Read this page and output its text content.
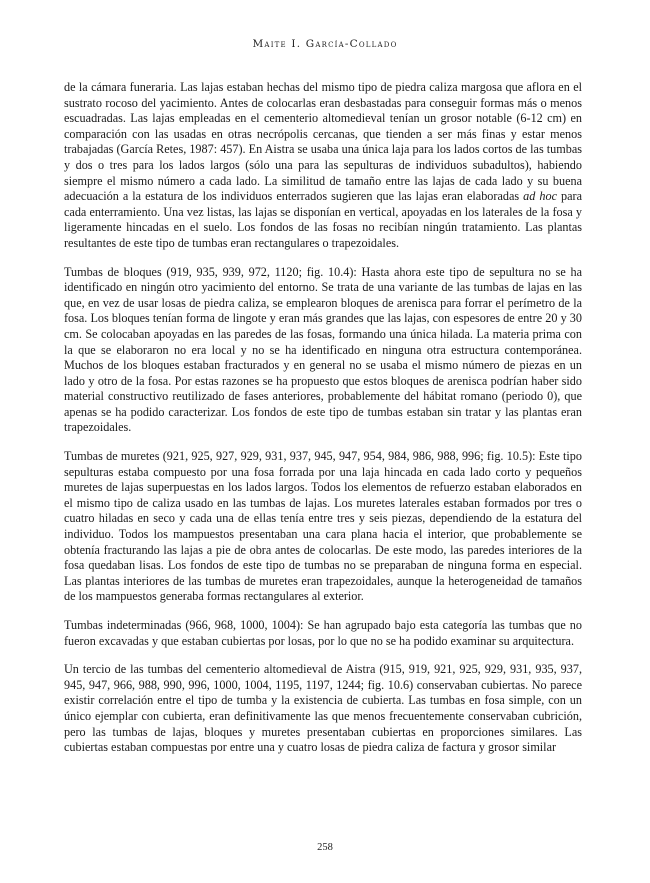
Maite I. García-Collado

de la cámara funeraria. Las lajas estaban hechas del mismo tipo de piedra caliza margosa que aflora en el sustrato rocoso del yacimiento. Antes de colocarlas eran desbastadas para conseguir formas más o menos escuadradas. Las lajas empleadas en el cementerio altomedieval tenían un grosor notable (6-12 cm) en comparación con las usadas en otras necrópolis cercanas, que tienden a ser más finas y estar menos trabajadas (García Retes, 1987: 457). En Aistra se usaba una única laja para los lados cortos de las tumbas y dos o tres para los lados largos (sólo una para las sepulturas de individuos subadultos), habiendo siempre el mismo número a cada lado. La similitud de tamaño entre las lajas de cada lado y su buena adecuación a la estatura de los individuos enterrados sugieren que las lajas eran elaboradas ad hoc para cada enterramiento. Una vez listas, las lajas se disponían en vertical, apoyadas en los laterales de la fosa y ligeramente hincadas en el suelo. Los fondos de las fosas no recibían ningún tratamiento. Las plantas resultantes de este tipo de tumbas eran rectangulares o trapezoidales.

Tumbas de bloques (919, 935, 939, 972, 1120; fig. 10.4): Hasta ahora este tipo de sepultura no se ha identificado en ningún otro yacimiento del entorno. Se trata de una variante de las tumbas de lajas en las que, en vez de usar losas de piedra caliza, se emplearon bloques de arenisca para forrar el perímetro de la fosa. Los bloques tenían forma de lingote y eran más grandes que las lajas, con espesores de entre 20 y 30 cm. Se colocaban apoyadas en las paredes de las fosas, formando una única hilada. La materia prima con la que se elaboraron no era local y no se ha identificado en ninguna otra estructura contemporánea. Muchos de los bloques estaban fracturados y en general no se usaba el mismo número de piezas en un lado y otro de la fosa. Por estas razones se ha propuesto que estos bloques de arenisca podrían haber sido material constructivo reutilizado de fases anteriores, probablemente del hábitat romano (periodo 0), que apenas se ha podido caracterizar. Los fondos de este tipo de tumbas estaban sin tratar y las plantas eran trapezoidales.

Tumbas de muretes (921, 925, 927, 929, 931, 937, 945, 947, 954, 984, 986, 988, 996; fig. 10.5): Este tipo sepulturas estaba compuesto por una fosa forrada por una laja hincada en cada lado corto y pequeños muretes de lajas superpuestas en los lados largos. Todos los elementos de refuerzo estaban elaborados en el mismo tipo de caliza usado en las tumbas de lajas. Los muretes laterales estaban formados por tres o cuatro hiladas en seco y cada una de ellas tenía entre tres y seis piezas, dependiendo de la estatura del individuo. Todos los mampuestos presentaban una cara plana hacia el interior, que probablemente se obtenía fracturando las lajas a pie de obra antes de colocarlas. De este modo, las paredes interiores de la fosa quedaban lisas. Los fondos de este tipo de tumbas no se preparaban de ninguna forma en especial. Las plantas interiores de las tumbas de muretes eran trapezoidales, aunque la heterogeneidad de tamaños de los mampuestos generaba formas rectangulares al exterior.

Tumbas indeterminadas (966, 968, 1000, 1004): Se han agrupado bajo esta categoría las tumbas que no fueron excavadas y que estaban cubiertas por losas, por lo que no se ha podido examinar su arquitectura.

Un tercio de las tumbas del cementerio altomedieval de Aistra (915, 919, 921, 925, 929, 931, 935, 937, 945, 947, 966, 988, 990, 996, 1000, 1004, 1195, 1197, 1244; fig. 10.6) conservaban cubiertas. No parece existir correlación entre el tipo de tumba y la existencia de cubierta. Las tumbas en fosa simple, con un único ejemplar con cubierta, eran definitivamente las que menos frecuentemente conservaban cubrición, pero las tumbas de lajas, bloques y muretes presentaban cubiertas en proporciones similares. Las cubiertas estaban compuestas por entre una y cuatro losas de piedra caliza de factura y grosor similar

258
